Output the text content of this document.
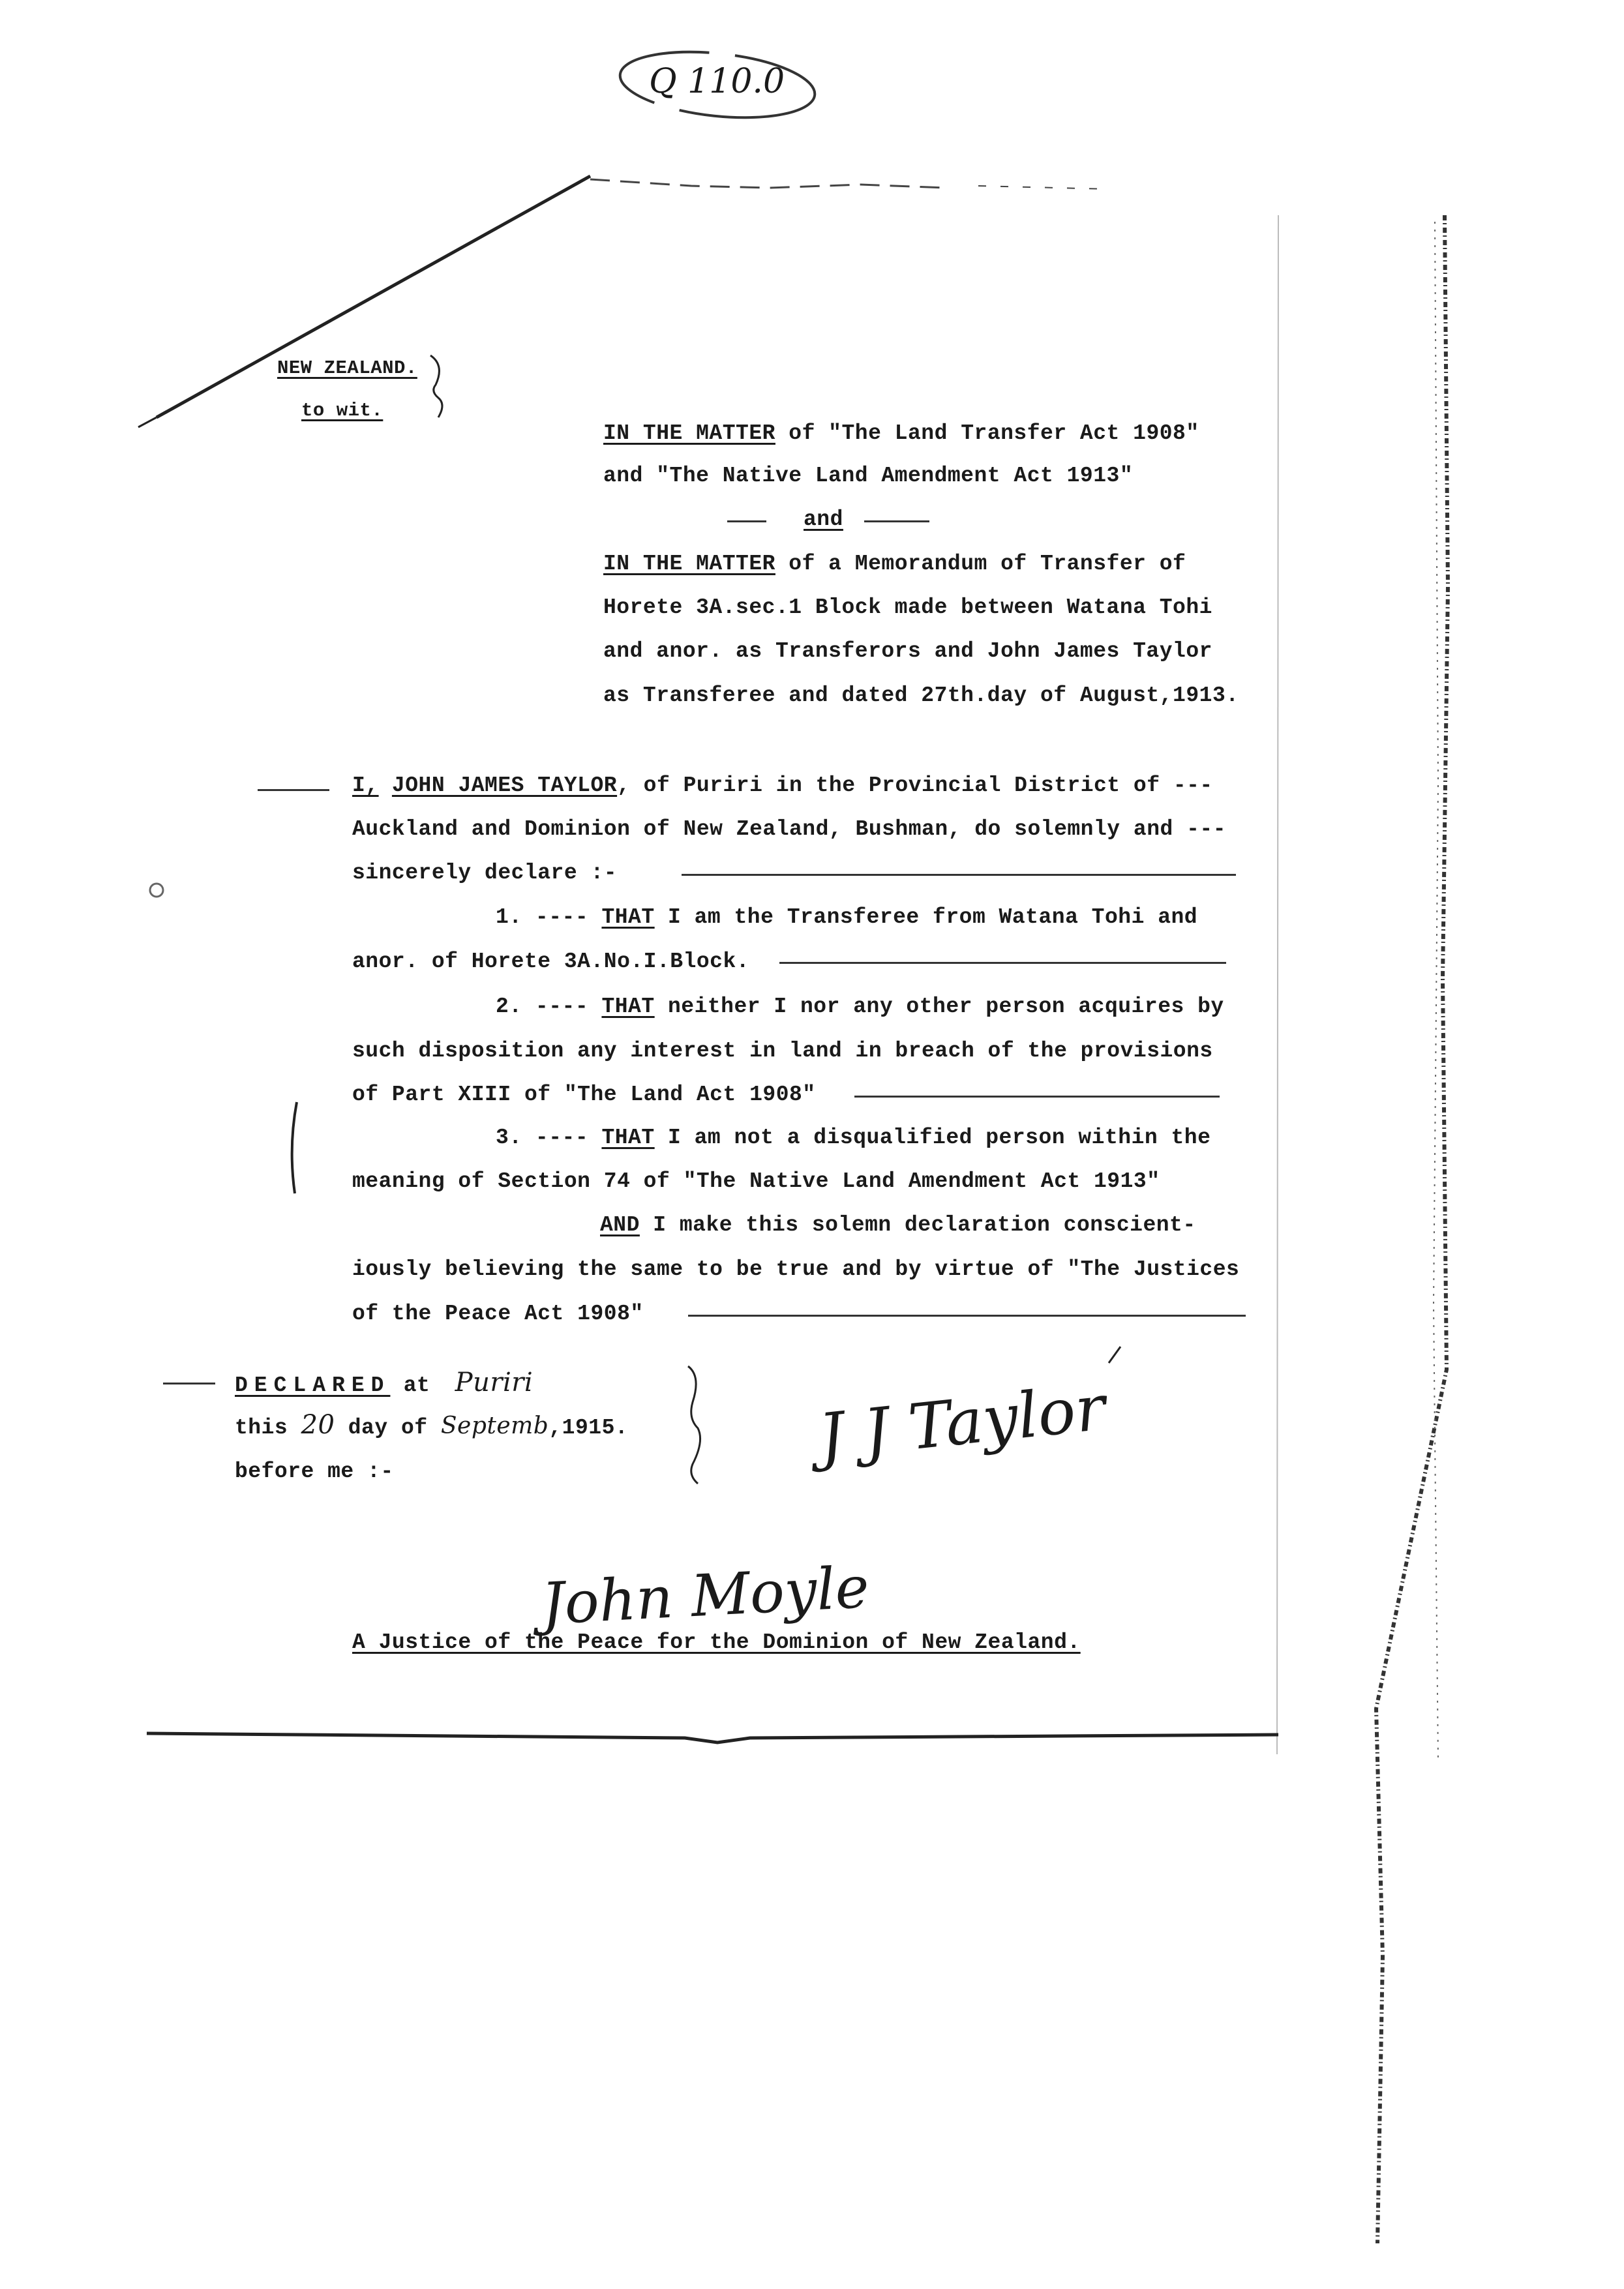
Q 110.0
NEW ZEALAND.
to wit.
IN THE MATTER of "The Land Transfer Act 1908"
and "The Native Land Amendment Act 1913"
and
IN THE MATTER of a Memorandum of Transfer of
Horete 3A.sec.1 Block made between Watana Tohi
and anor. as Transferors and John James Taylor
as Transferee and dated 27th.day of August,1913.
I, JOHN JAMES TAYLOR, of Puriri in the Provincial District of ---
Auckland and Dominion of New Zealand, Bushman, do solemnly and ---
sincerely declare :-
1. ---- THAT I am the Transferee from Watana Tohi and
anor. of Horete 3A.No.I.Block.
2. ---- THAT neither I nor any other person acquires by
such disposition any interest in land in breach of the provisions
of Part XIII of "The Land Act 1908"
3. ---- THAT I am not a disqualified person within the
meaning of Section 74 of "The Native Land Amendment Act 1913"
AND I make this solemn declaration conscient-
iously believing the same to be true and by virtue of "The Justices
of the Peace Act 1908"
DECLARED at Puriri
this 20 day of Septemb,1915.
before me :-	J J Taylor
John Moyle
A Justice of the Peace for the Dominion of New Zealand.
